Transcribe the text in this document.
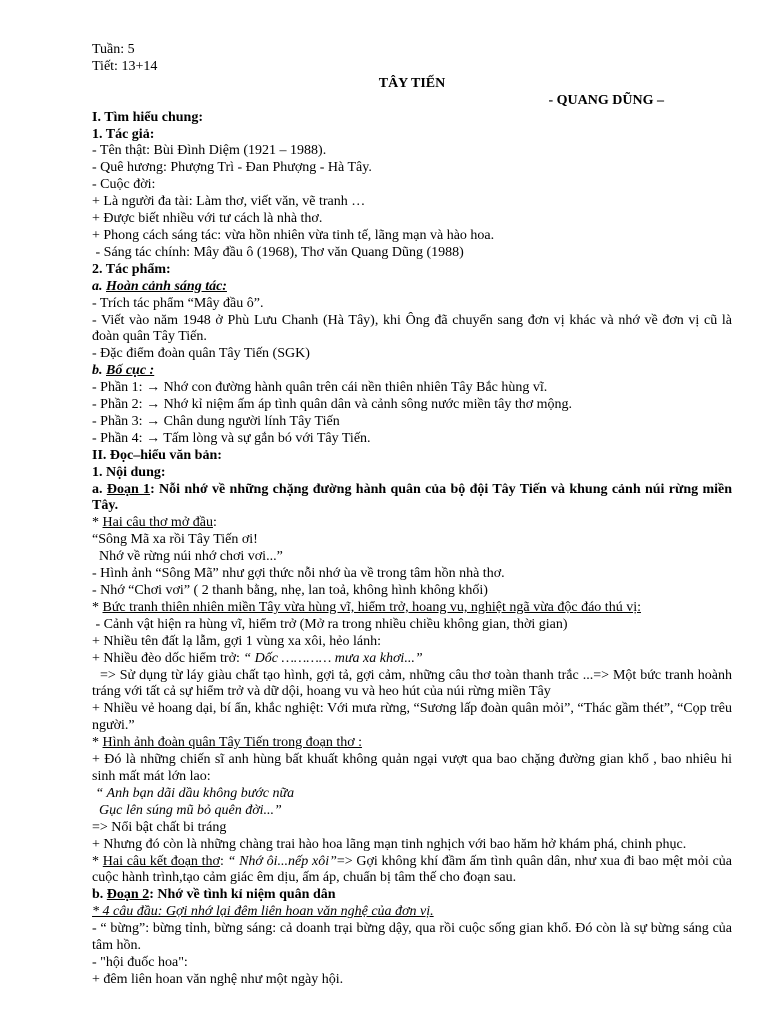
Tuần: 5
Tiết: 13+14
TÂY TIẾN
- QUANG DŨNG –
I. Tìm hiểu chung:
1. Tác giả:
- Tên thật: Bùi Đình Diệm (1921 – 1988).
- Quê hương: Phượng Trì - Đan Phượng - Hà Tây.
- Cuộc đời:
+ Là người đa tài: Làm thơ, viết văn, vẽ tranh …
+ Được biết nhiều với tư cách là nhà thơ.
+ Phong cách sáng tác: vừa hồn nhiên vừa tinh tế, lãng mạn và hào hoa.
- Sáng tác chính: Mây đầu ô (1968), Thơ văn Quang Dũng (1988)
2. Tác phẩm:
a. Hoàn cảnh sáng tác:
- Trích tác phẩm “Mây đầu ô”.
- Viết vào năm 1948 ở Phù Lưu Chanh (Hà Tây), khi Ông đã chuyển sang đơn vị khác và nhớ về đơn vị cũ là đoàn quân Tây Tiến.
- Đặc điểm đoàn quân Tây Tiến (SGK)
b. Bố cục :
- Phần 1: → Nhớ con đường hành quân trên cái nền thiên nhiên Tây Bắc hùng vĩ.
- Phần 2: → Nhớ kỉ niệm ấm áp tình quân dân và cảnh sông nước miền tây thơ mộng.
- Phần 3: → Chân dung người lính Tây Tiến
- Phần 4: → Tấm lòng và sự gắn bó với Tây Tiến.
II. Đọc–hiểu văn bản:
1. Nội dung:
a. Đoạn 1: Nỗi nhớ về những chặng đường hành quân của bộ đội Tây Tiến và khung cảnh núi rừng miền Tây.
* Hai câu thơ mở đầu:
“Sông Mã xa rồi Tây Tiến ơi!
Nhớ về rừng núi nhớ chơi vơi...”
- Hình ảnh “Sông Mã” như gợi thức nỗi nhớ ùa về trong tâm hồn nhà thơ.
- Nhớ “Chơi vơi” ( 2 thanh bằng, nhẹ, lan toả, không hình không khối)
* Bức tranh thiên nhiên miền Tây vừa hùng vĩ, hiểm trở, hoang vu, nghiệt ngã vừa độc đáo thú vị:
- Cảnh vật hiện ra hùng vĩ, hiểm trở (Mở ra trong nhiều chiều không gian, thời gian)
+ Nhiều tên đất lạ lẫm, gợi 1 vùng xa xôi, hẻo lánh:
+ Nhiều đèo dốc hiểm trở: “ Dốc ………… mưa xa khơi...”
=> Sử dụng từ láy giàu chất tạo hình, gợi tả, gợi cảm, những câu thơ toàn thanh trắc ...=> Một bức tranh hoành tráng với tất cả sự hiểm trở và dữ dội, hoang vu và heo hút của núi rừng miền Tây
+ Nhiều vẻ hoang dại, bí ẩn, khắc nghiệt: Với mưa rừng, “Sương lấp đoàn quân mỏi”, “Thác gầm thét”, “Cọp trêu người.”
* Hình ảnh đoàn quân Tây Tiến trong đoạn thơ :
+ Đó là những chiến sĩ anh hùng bất khuất không quản ngại vượt qua bao chặng đường gian khổ , bao nhiêu hi sinh mất mát lớn lao:
“ Anh bạn dãi dầu không bước nữa
Gục lên súng mũ bỏ quên đời...”
=> Nổi bật chất bi tráng
+ Nhưng đó còn là những chàng trai hào hoa lãng mạn tinh nghịch với bao hăm hở khám phá, chinh phục.
* Hai câu kết đoạn thơ: “ Nhớ ôi...nếp xôi”=> Gợi không khí đầm ấm tình quân dân, như xua đi bao mệt mỏi của cuộc hành trình,tạo cảm giác êm dịu, ấm áp, chuẩn bị tâm thế cho đoạn sau.
b. Đoạn 2: Nhớ về tình kỉ niệm quân dân
* 4 câu đầu: Gợi nhớ lại đêm liên hoan văn nghệ của đơn vị.
- “ bừng”: bừng tỉnh, bừng sáng: cả doanh trại bừng dậy, qua rồi cuộc sống gian khổ. Đó còn là sự bừng sáng của tâm hồn.
- "hội đuốc hoa":
+ đêm liên hoan văn nghệ như một ngày hội.
